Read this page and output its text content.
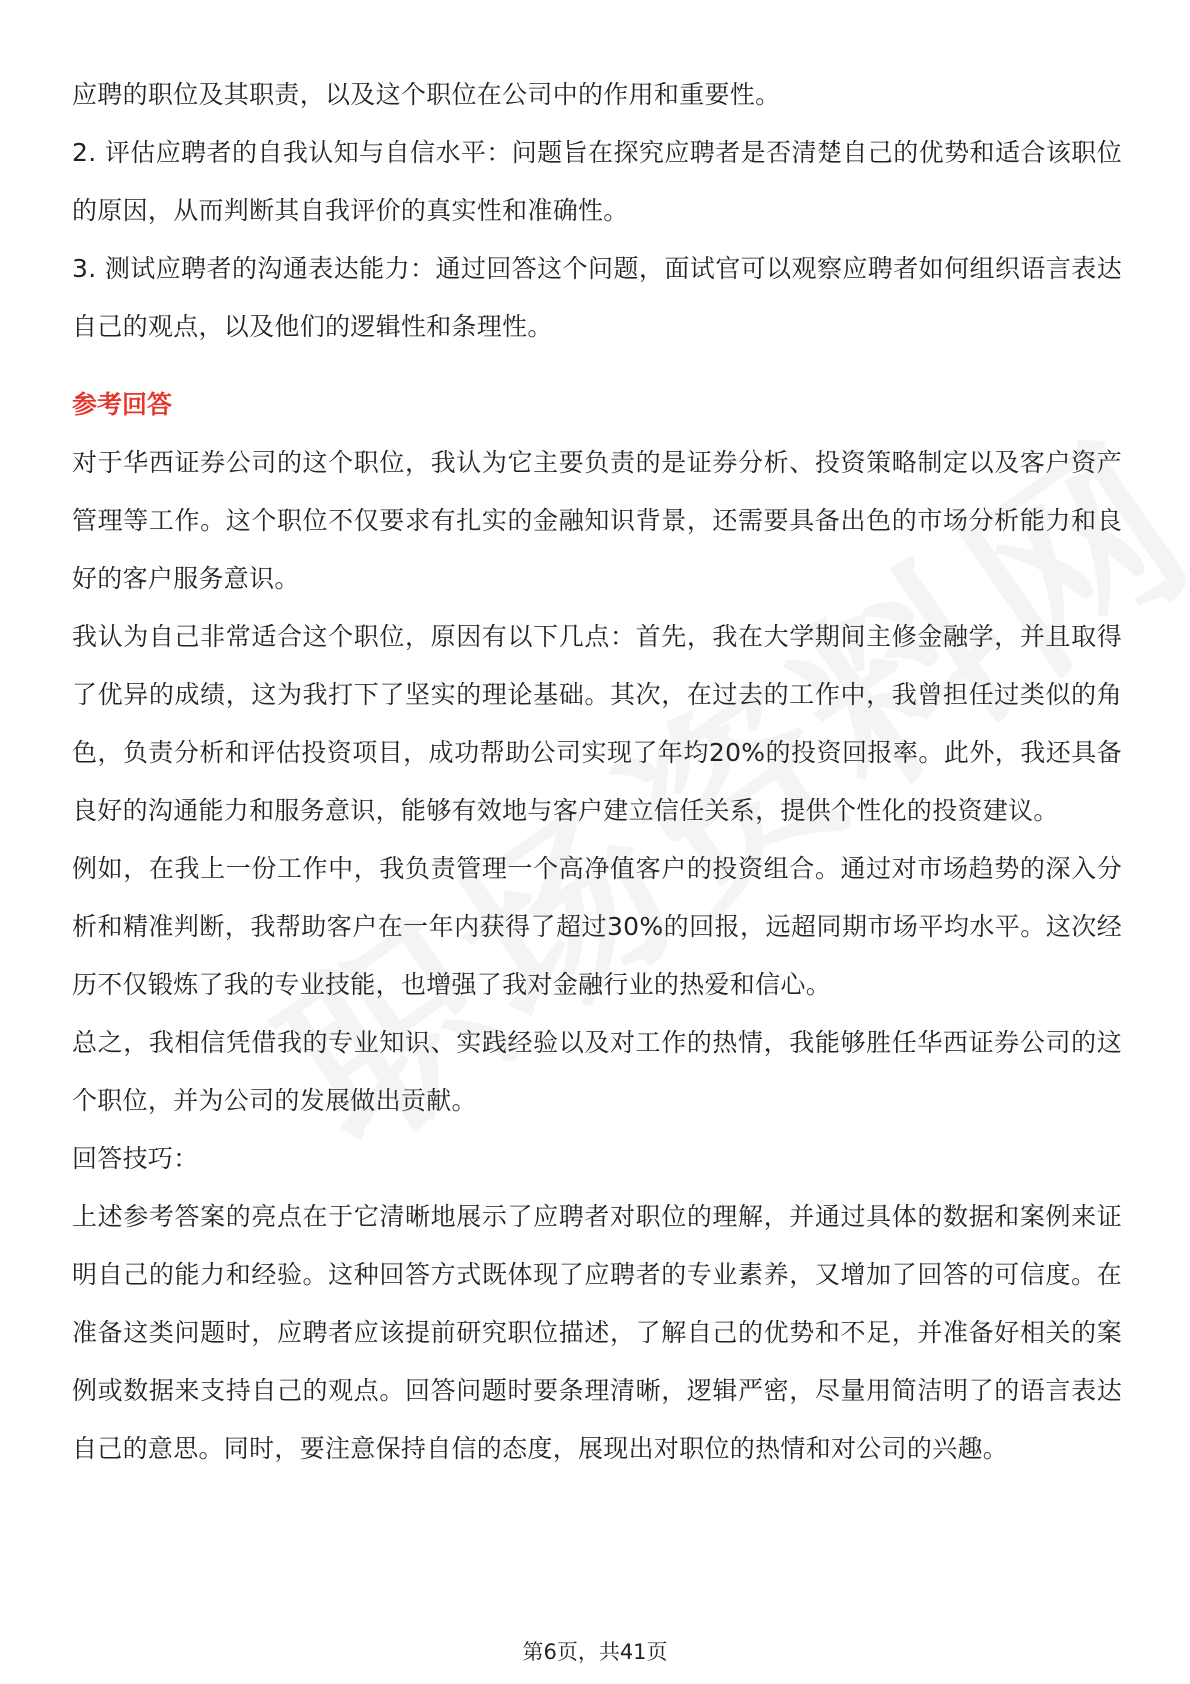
应聘的职位及其职责，以及这个职位在公司中的作用和重要性。

2. 评估应聘者的自我认知与自信水平：问题旨在探究应聘者是否清楚自己的优势和适合该职位的原因，从而判断其自我评价的真实性和准确性。

3. 测试应聘者的沟通表达能力：通过回答这个问题，面试官可以观察应聘者如何组织语言表达自己的观点，以及他们的逻辑性和条理性。

参考回答

对于华西证券公司的这个职位，我认为它主要负责的是证券分析、投资策略制定以及客户资产管理等工作。这个职位不仅要求有扎实的金融知识背景，还需要具备出色的市场分析能力和良好的客户服务意识。

我认为自己非常适合这个职位，原因有以下几点：首先，我在大学期间主修金融学，并且取得了优异的成绩，这为我打下了坚实的理论基础。其次，在过去的工作中，我曾担任过类似的角色，负责分析和评估投资项目，成功帮助公司实现了年均20%的投资回报率。此外，我还具备良好的沟通能力和服务意识，能够有效地与客户建立信任关系，提供个性化的投资建议。

例如，在我上一份工作中，我负责管理一个高净值客户的投资组合。通过对市场趋势的深入分析和精准判断，我帮助客户在一年内获得了超过30%的回报，远超同期市场平均水平。这次经历不仅锻炼了我的专业技能，也增强了我对金融行业的热爱和信心。

总之，我相信凭借我的专业知识、实践经验以及对工作的热情，我能够胜任华西证券公司的这个职位，并为公司的发展做出贡献。

回答技巧：

上述参考答案的亮点在于它清晰地展示了应聘者对职位的理解，并通过具体的数据和案例来证明自己的能力和经验。这种回答方式既体现了应聘者的专业素养，又增加了回答的可信度。在准备这类问题时，应聘者应该提前研究职位描述，了解自己的优势和不足，并准备好相关的案例或数据来支持自己的观点。回答问题时要条理清晰，逻辑严密，尽量用简洁明了的语言表达自己的意思。同时，要注意保持自信的态度，展现出对职位的热情和对公司的兴趣。

第6页，共41页
